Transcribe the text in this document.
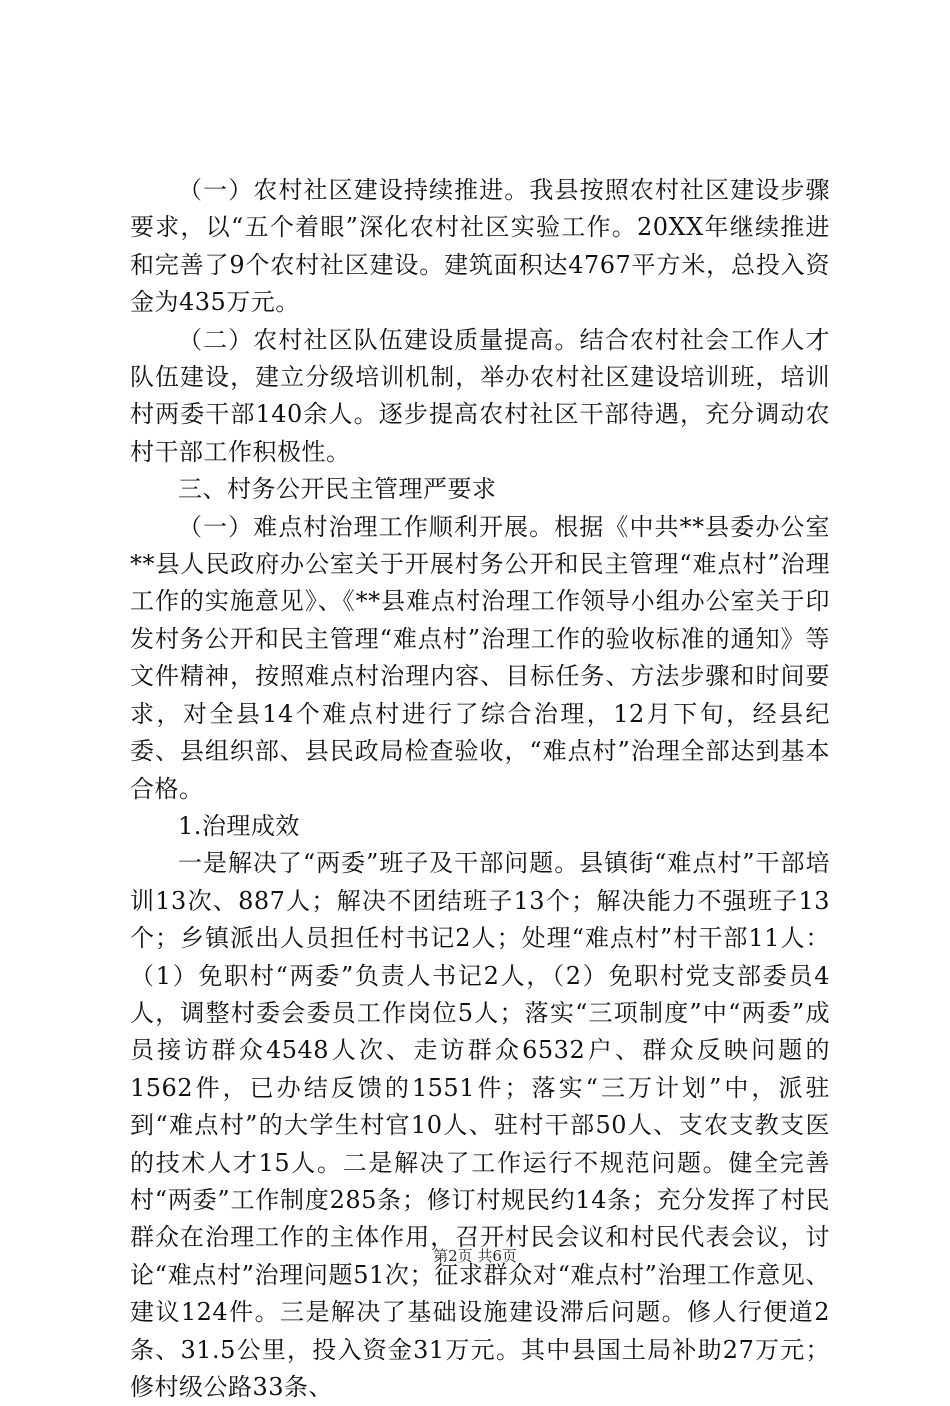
（一）农村社区建设持续推进。我县按照农村社区建设步骤要求，以“五个着眼”深化农村社区实验工作。20XX年继续推进和完善了9个农村社区建设。建筑面积达4767平方米，总投入资金为435万元。

（二）农村社区队伍建设质量提高。结合农村社会工作人才队伍建设，建立分级培训机制，举办农村社区建设培训班，培训村两委干部140余人。逐步提高农村社区干部待遇，充分调动农村干部工作积极性。

三、村务公开民主管理严要求

（一）难点村治理工作顺利开展。根据《中共**县委办公室**县人民政府办公室关于开展村务公开和民主管理“难点村”治理工作的实施意见》、《**县难点村治理工作领导小组办公室关于印发村务公开和民主管理“难点村”治理工作的验收标准的通知》等文件精神，按照难点村治理内容、目标任务、方法步骤和时间要求，对全县14个难点村进行了综合治理，12月下旬，经县纪委、县组织部、县民政局检查验收，“难点村”治理全部达到基本合格。

1.治理成效

一是解决了“两委”班子及干部问题。县镇街“难点村”干部培训13次、887人；解决不团结班子13个；解决能力不强班子13个；乡镇派出人员担任村书记2人；处理“难点村”村干部11人：（1）免职村“两委”负责人书记2人，（2）免职村党支部委员4人，调整村委会委员工作岗位5人；落实“三项制度”中“两委”成员接访群众4548人次、走访群众6532户、群众反映问题的1562件，已办结反馈的1551件；落实“三万计划”中，派驻到“难点村”的大学生村官10人、驻村干部50人、支农支教支医的技术人才15人。二是解决了工作运行不规范问题。健全完善村“两委”工作制度285条；修订村规民约14条；充分发挥了村民群众在治理工作的主体作用，召开村民会议和村民代表会议，讨论“难点村”治理问题51次；征求群众对“难点村”治理工作意见、建议124件。三是解决了基础设施建设滞后问题。修人行便道2条、31.5公里，投入资金31万元。其中县国土局补助27万元；修村级公路33条、

第2页 共6页
